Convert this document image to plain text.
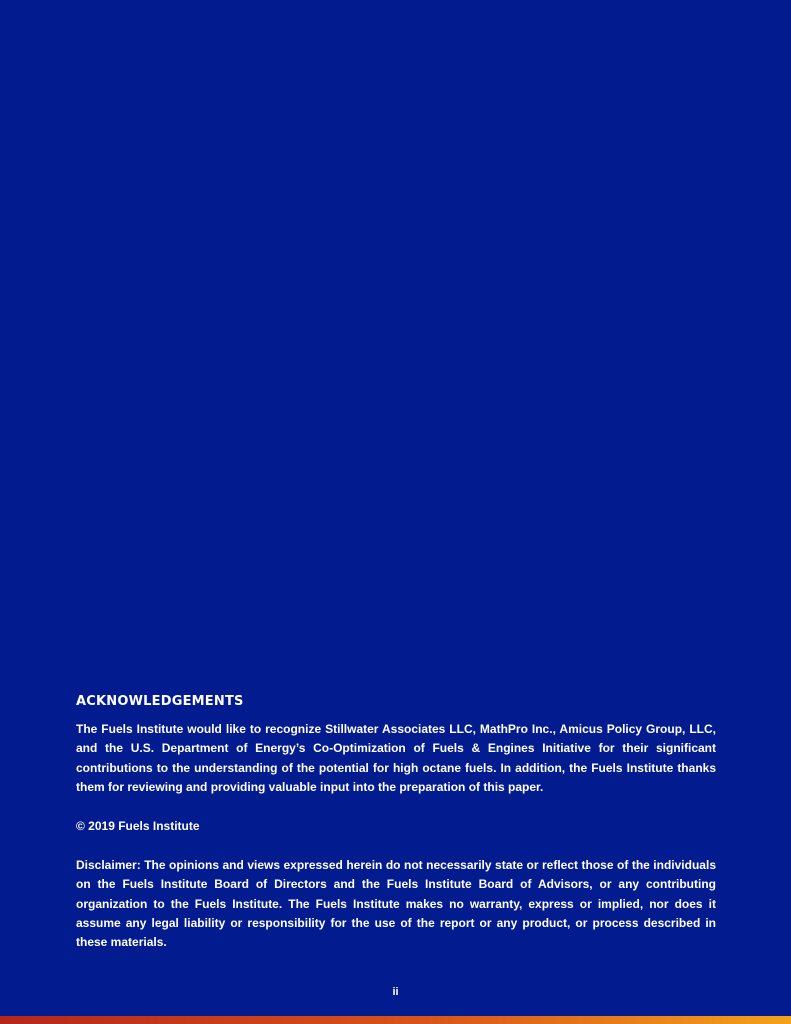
ACKNOWLEDGEMENTS

The Fuels Institute would like to recognize Stillwater Associates LLC, MathPro Inc., Amicus Policy Group, LLC, and the U.S. Department of Energy’s Co-Optimization of Fuels & Engines Initiative for their significant contributions to the understanding of the potential for high octane fuels. In addition, the Fuels Institute thanks them for reviewing and providing valuable input into the preparation of this paper.

© 2019 Fuels Institute

Disclaimer: The opinions and views expressed herein do not necessarily state or reflect those of the individuals on the Fuels Institute Board of Directors and the Fuels Institute Board of Advisors, or any contributing organization to the Fuels Institute. The Fuels Institute makes no warranty, express or implied, nor does it assume any legal liability or responsibility for the use of the report or any product, or process described in these materials.

ii
